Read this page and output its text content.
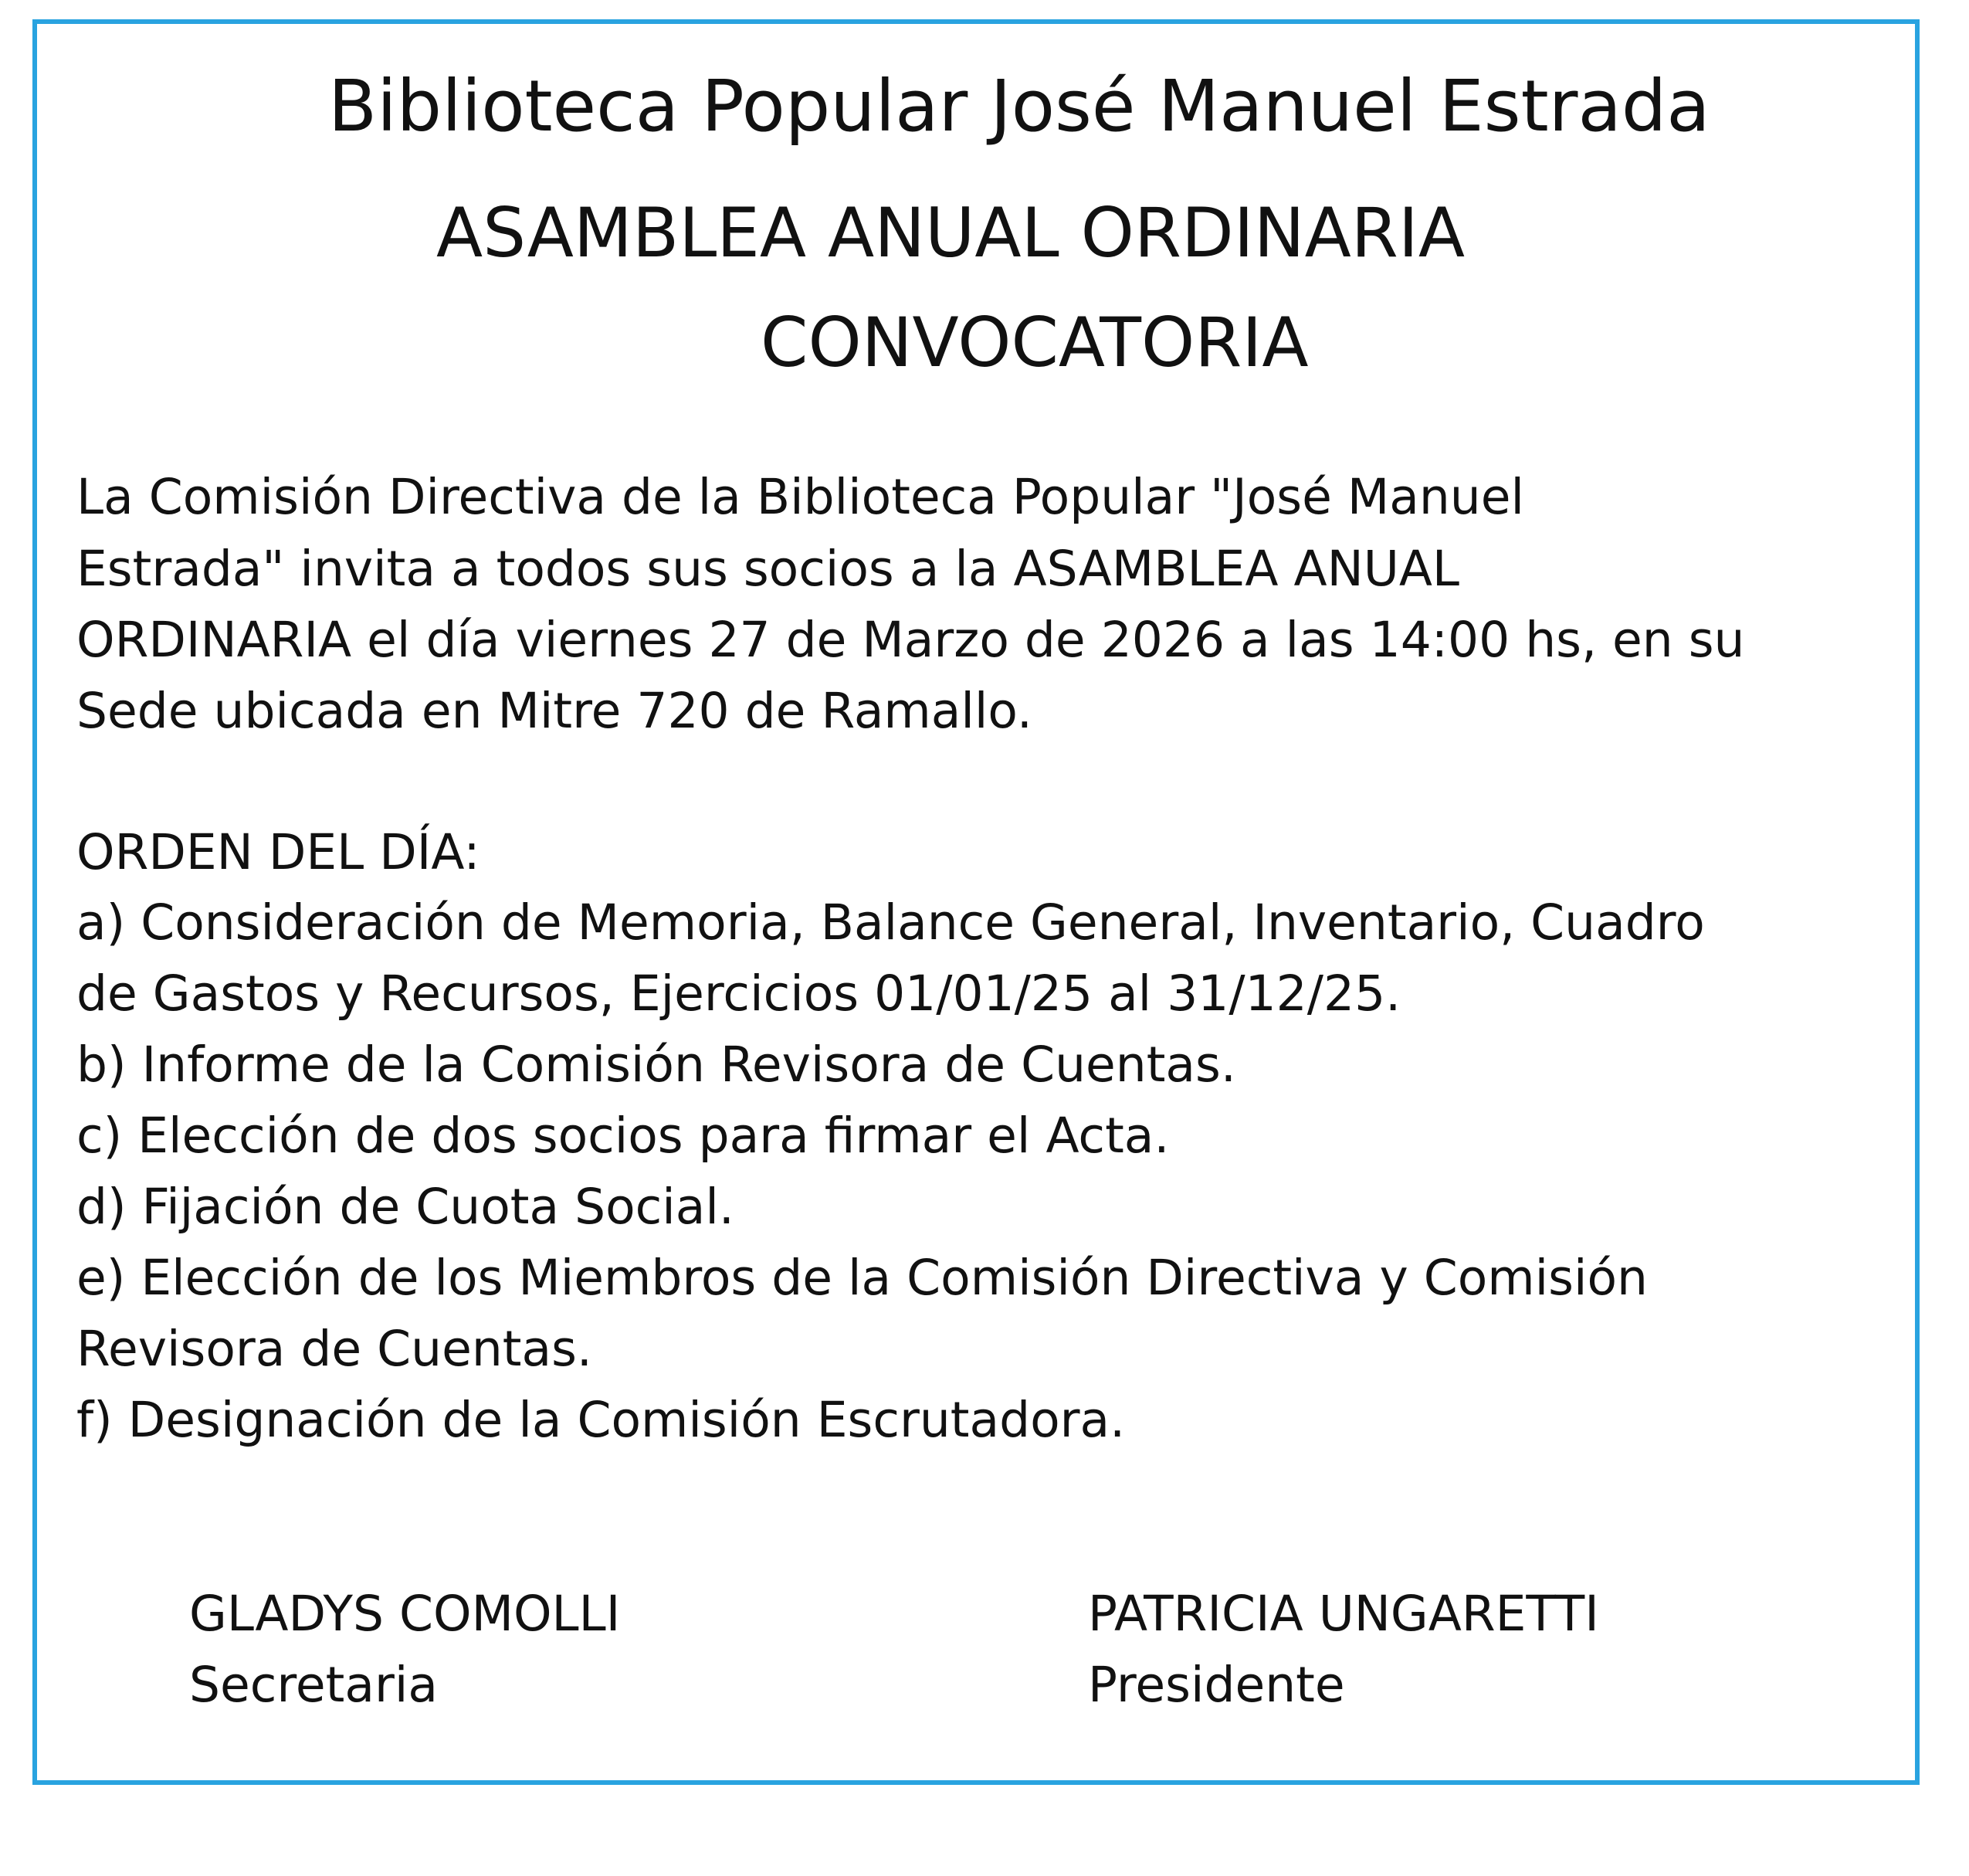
Biblioteca Popular José Manuel Estrada
ASAMBLEA ANUAL ORDINARIA
CONVOCATORIA
La Comisión Directiva de la Biblioteca Popular "José Manuel
Estrada" invita a todos sus socios a la ASAMBLEA ANUAL
ORDINARIA el día viernes 27 de Marzo de 2026 a las 14:00 hs, en su
Sede ubicada en Mitre 720 de Ramallo.
ORDEN DEL DÍA:
a) Consideración de Memoria, Balance General, Inventario, Cuadro
de Gastos y Recursos, Ejercicios 01/01/25 al 31/12/25.
b) Informe de la Comisión Revisora de Cuentas.
c) Elección de dos socios para firmar el Acta.
d) Fijación de Cuota Social.
e) Elección de los Miembros de la Comisión Directiva y Comisión
Revisora de Cuentas.
f) Designación de la Comisión Escrutadora.
GLADYS COMOLLI
Secretaria
PATRICIA UNGARETTI
Presidente
